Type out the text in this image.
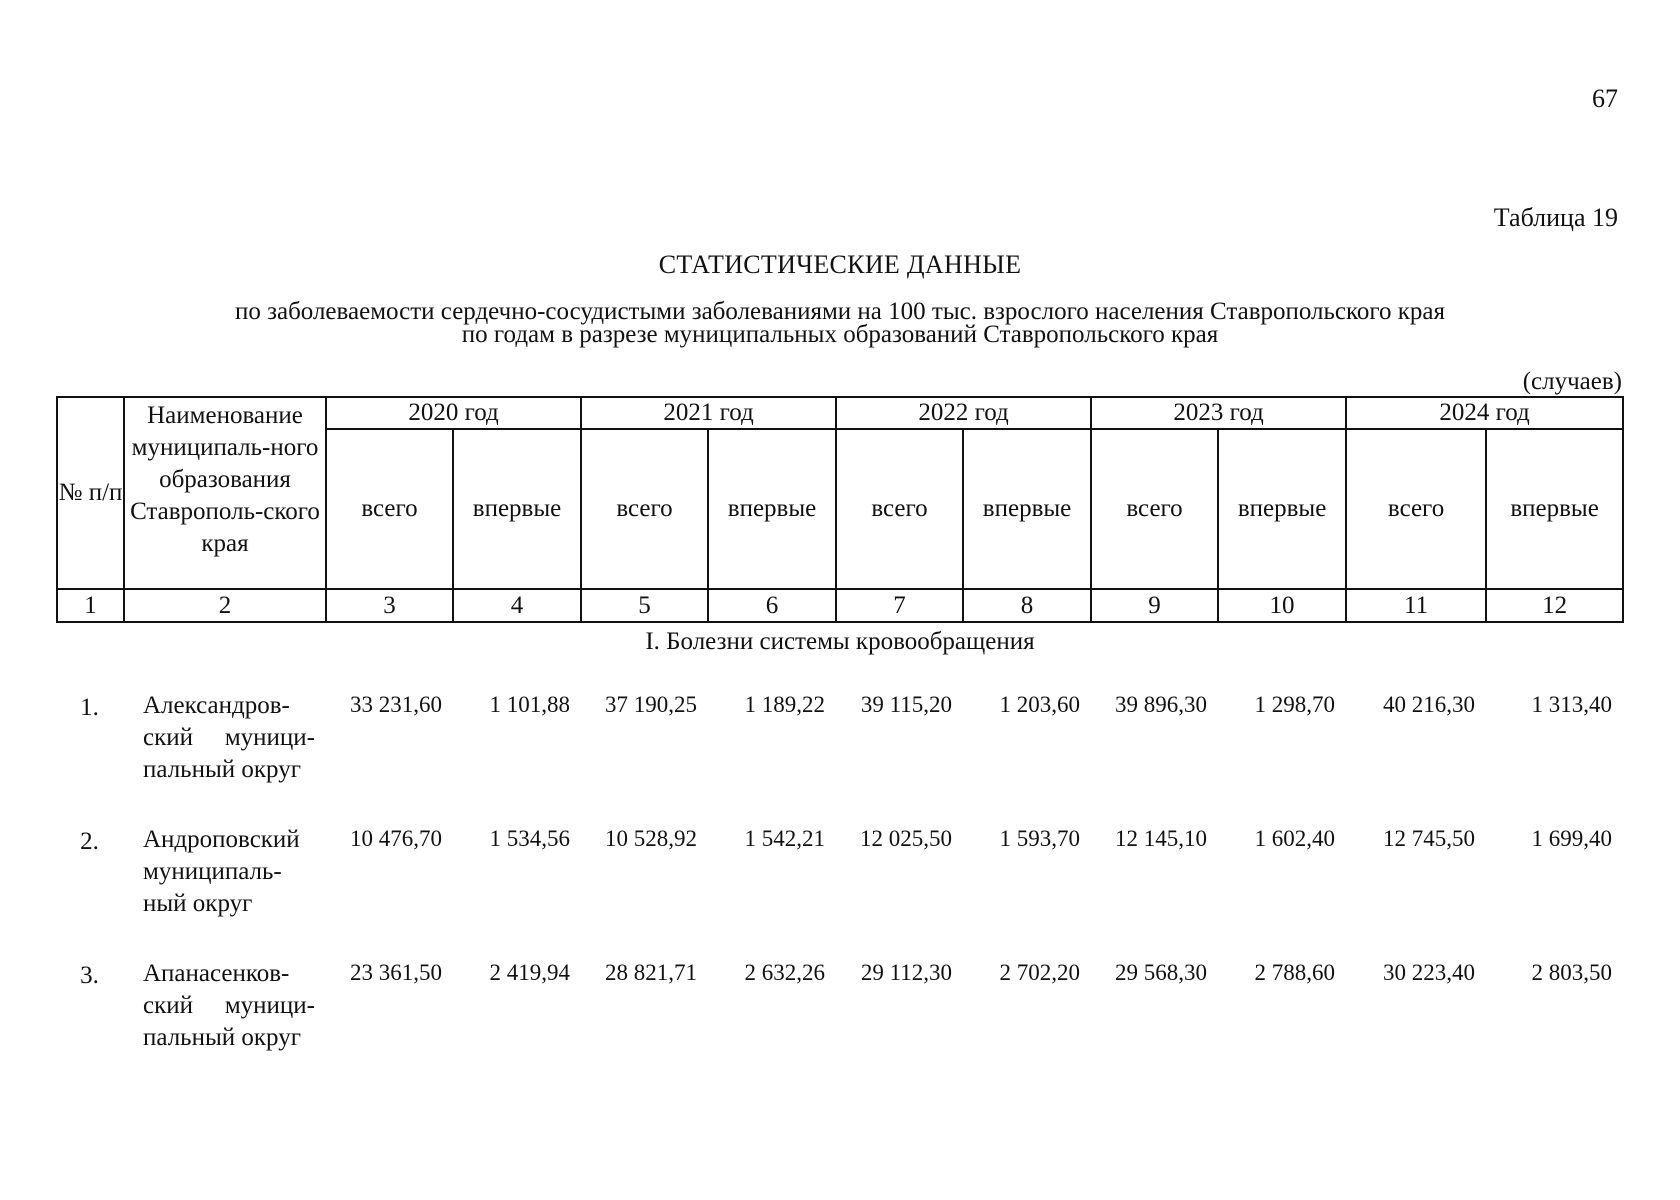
67
Таблица 19
СТАТИСТИЧЕСКИЕ ДАННЫЕ
по заболеваемости сердечно-сосудистыми заболеваниями на 100 тыс. взрослого населения Ставропольского края
по годам в разрезе муниципальных образований Ставропольского края
(случаев)
№ п/п	Наименование муниципаль-ного образования Ставрополь-ского края	2020 год		2021 год		2022 год		2023 год		2024 год	
		всего	впервые	всего	впервые	всего	впервые	всего	впервые	всего	впервые
1	2	3	4	5	6	7	8	9	10	11	12
I. Болезни системы кровообращения
1.	Александров-ский муници-пальный округ	33 231,60	1 101,88	37 190,25	1 189,22	39 115,20	1 203,60	39 896,30	1 298,70	40 216,30	1 313,40
2.	Андроповский муниципаль-ный округ	10 476,70	1 534,56	10 528,92	1 542,21	12 025,50	1 593,70	12 145,10	1 602,40	12 745,50	1 699,40
3.	Апанасенков-ский муници-пальный округ	23 361,50	2 419,94	28 821,71	2 632,26	29 112,30	2 702,20	29 568,30	2 788,60	30 223,40	2 803,50
